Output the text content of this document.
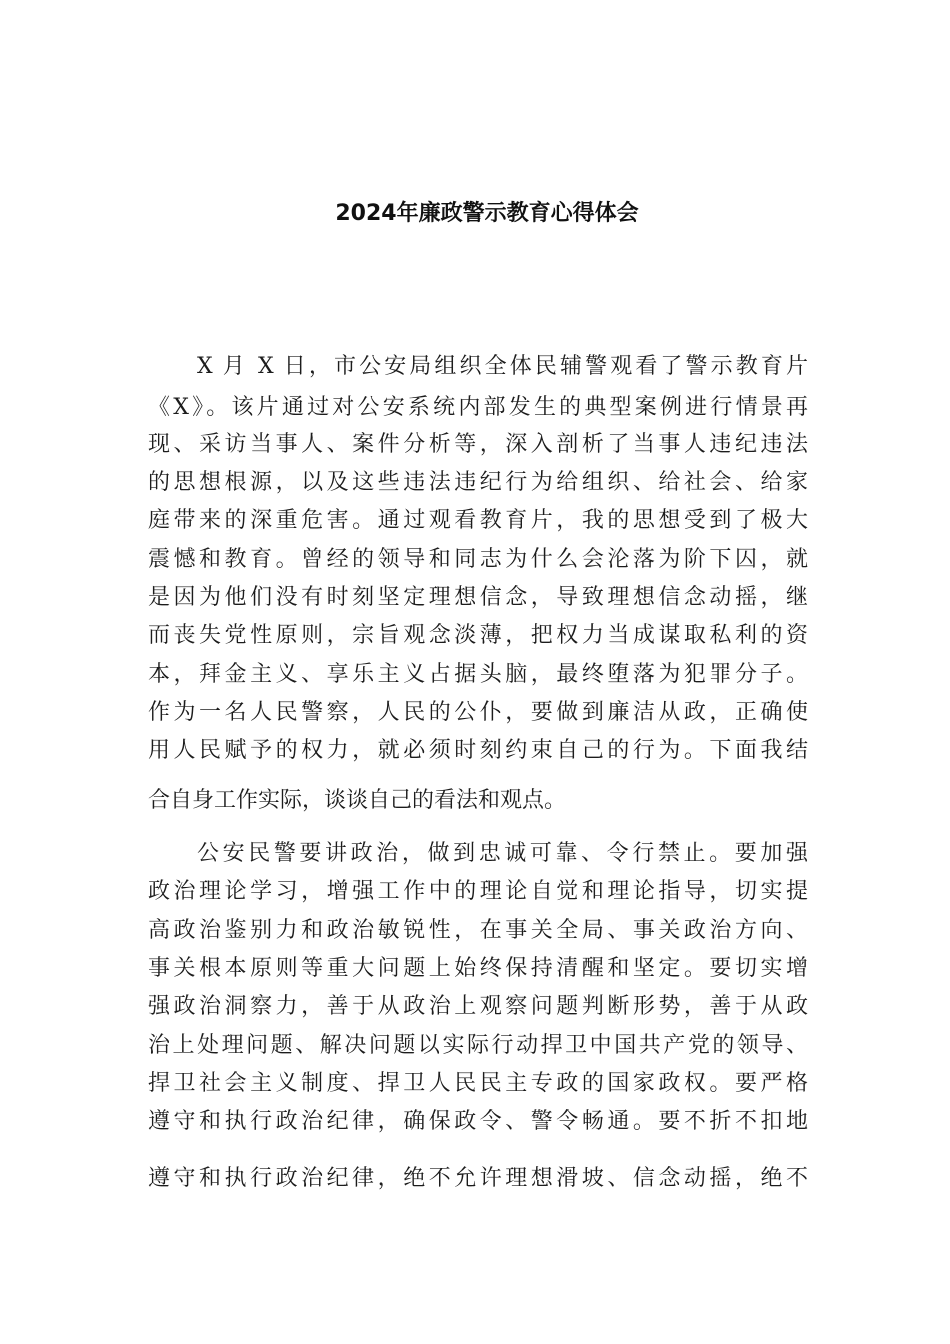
2024年廉政警示教育心得体会
X 月 X 日，市公安局组织全体民辅警观看了警示教育片
《X》。该片通过对公安系统内部发生的典型案例进行情景再
现、采访当事人、案件分析等，深入剖析了当事人违纪违法
的思想根源，以及这些违法违纪行为给组织、给社会、给家
庭带来的深重危害。通过观看教育片，我的思想受到了极大
震憾和教育。曾经的领导和同志为什么会沦落为阶下囚，就
是因为他们没有时刻坚定理想信念，导致理想信念动摇，继
而丧失党性原则，宗旨观念淡薄，把权力当成谋取私利的资
本，拜金主义、享乐主义占据头脑，最终堕落为犯罪分子。
作为一名人民警察，人民的公仆，要做到廉洁从政，正确使
用人民赋予的权力，就必须时刻约束自己的行为。下面我结
合自身工作实际，谈谈自己的看法和观点。
公安民警要讲政治，做到忠诚可靠、令行禁止。要加强
政治理论学习，增强工作中的理论自觉和理论指导，切实提
高政治鉴别力和政治敏锐性，在事关全局、事关政治方向、
事关根本原则等重大问题上始终保持清醒和坚定。要切实增
强政治洞察力，善于从政治上观察问题判断形势，善于从政
治上处理问题、解决问题以实际行动捍卫中国共产党的领导、
捍卫社会主义制度、捍卫人民民主专政的国家政权。要严格
遵守和执行政治纪律，确保政令、警令畅通。要不折不扣地
遵守和执行政治纪律，绝不允许理想滑坡、信念动摇，绝不
